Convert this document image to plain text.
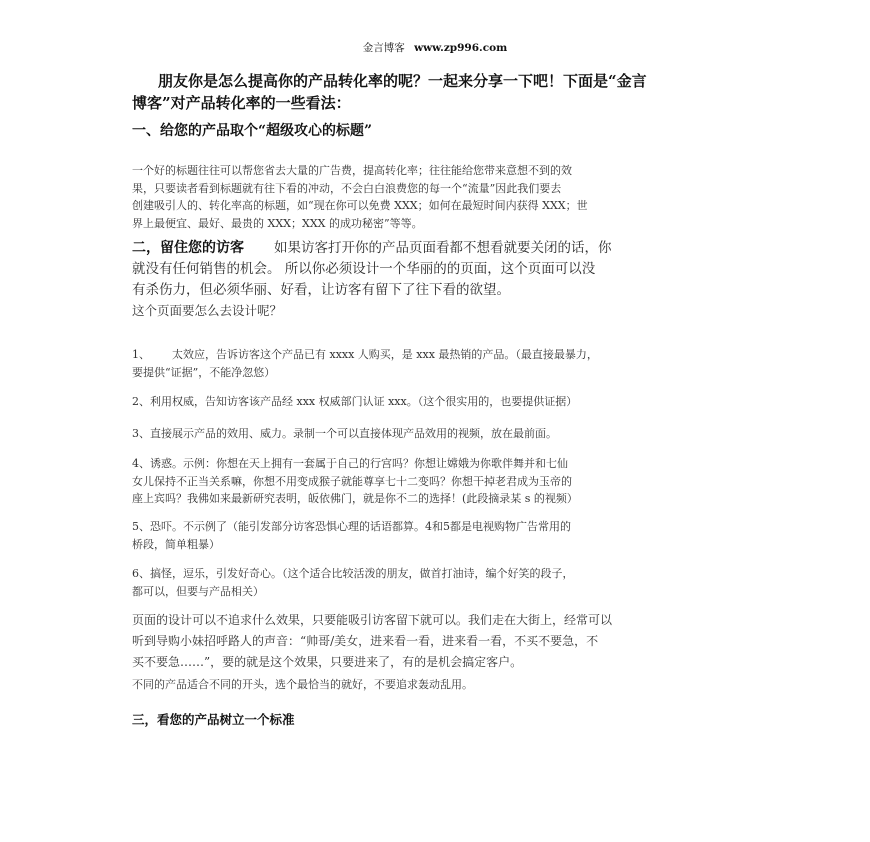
金言博客 www.zp996.com
朋友你是怎么提高你的产品转化率的呢？一起来分享一下吧！下面是“金言
博客”对产品转化率的一些看法：
一、给您的产品取个“超级攻心的标题”
一个好的标题往往可以帮您省去大量的广告费，提高转化率；往往能给您带来意想不到的效
果，只要读者看到标题就有往下看的冲动，不会白白浪费您的每一个“流量”因此我们要去
创建吸引人的、转化率高的标题，如“现在你可以免费 XXX；如何在最短时间内获得 XXX；世
界上最便宜、最好、最贵的 XXX；XXX 的成功秘密”等等。
二，留住您的访客 如果访客打开你的产品页面看都不想看就要关闭的话，你
就没有任何销售的机会。 所以你必须设计一个华丽的的页面，这个页面可以没
有杀伤力，但必须华丽、好看，让访客有留下了往下看的欲望。
这个页面要怎么去设计呢？
1、 太效应，告诉访客这个产品已有 xxxx 人购买，是 xxx 最热销的产品。（最直接最暴力，
要提供“证据”，不能净忽悠）
2、利用权威，告知访客该产品经 xxx 权威部门认证 xxx。（这个很实用的，也要提供证据）
3、直接展示产品的效用、威力。录制一个可以直接体现产品效用的视频，放在最前面。
4、诱惑。示例：你想在天上拥有一套属于自己的行宫吗？你想让嫦娥为你歌伴舞并和七仙
女儿保持不正当关系嘛，你想不用变成猴子就能尊享七十二变吗？你想干掉老君成为玉帝的
座上宾吗？我佛如来最新研究表明，皈依佛门，就是你不二的选择！(此段摘录某 s 的视频）
5、恐吓。不示例了（能引发部分访客恐惧心理的话语都算。4和5都是电视购物广告常用的
桥段，简单粗暴）
6、搞怪，逗乐，引发好奇心。（这个适合比较活泼的朋友，做首打油诗，编个好笑的段子，
都可以，但要与产品相关）
页面的设计可以不追求什么效果，只要能吸引访客留下就可以。我们走在大街上，经常可以
听到导购小妹招呼路人的声音：“帅哥/美女，进来看一看，进来看一看，不买不要急，不
买不要急……”，要的就是这个效果，只要进来了，有的是机会搞定客户。
不同的产品适合不同的开头，选个最恰当的就好，不要追求轰动乱用。
三，看您的产品树立一个标准
